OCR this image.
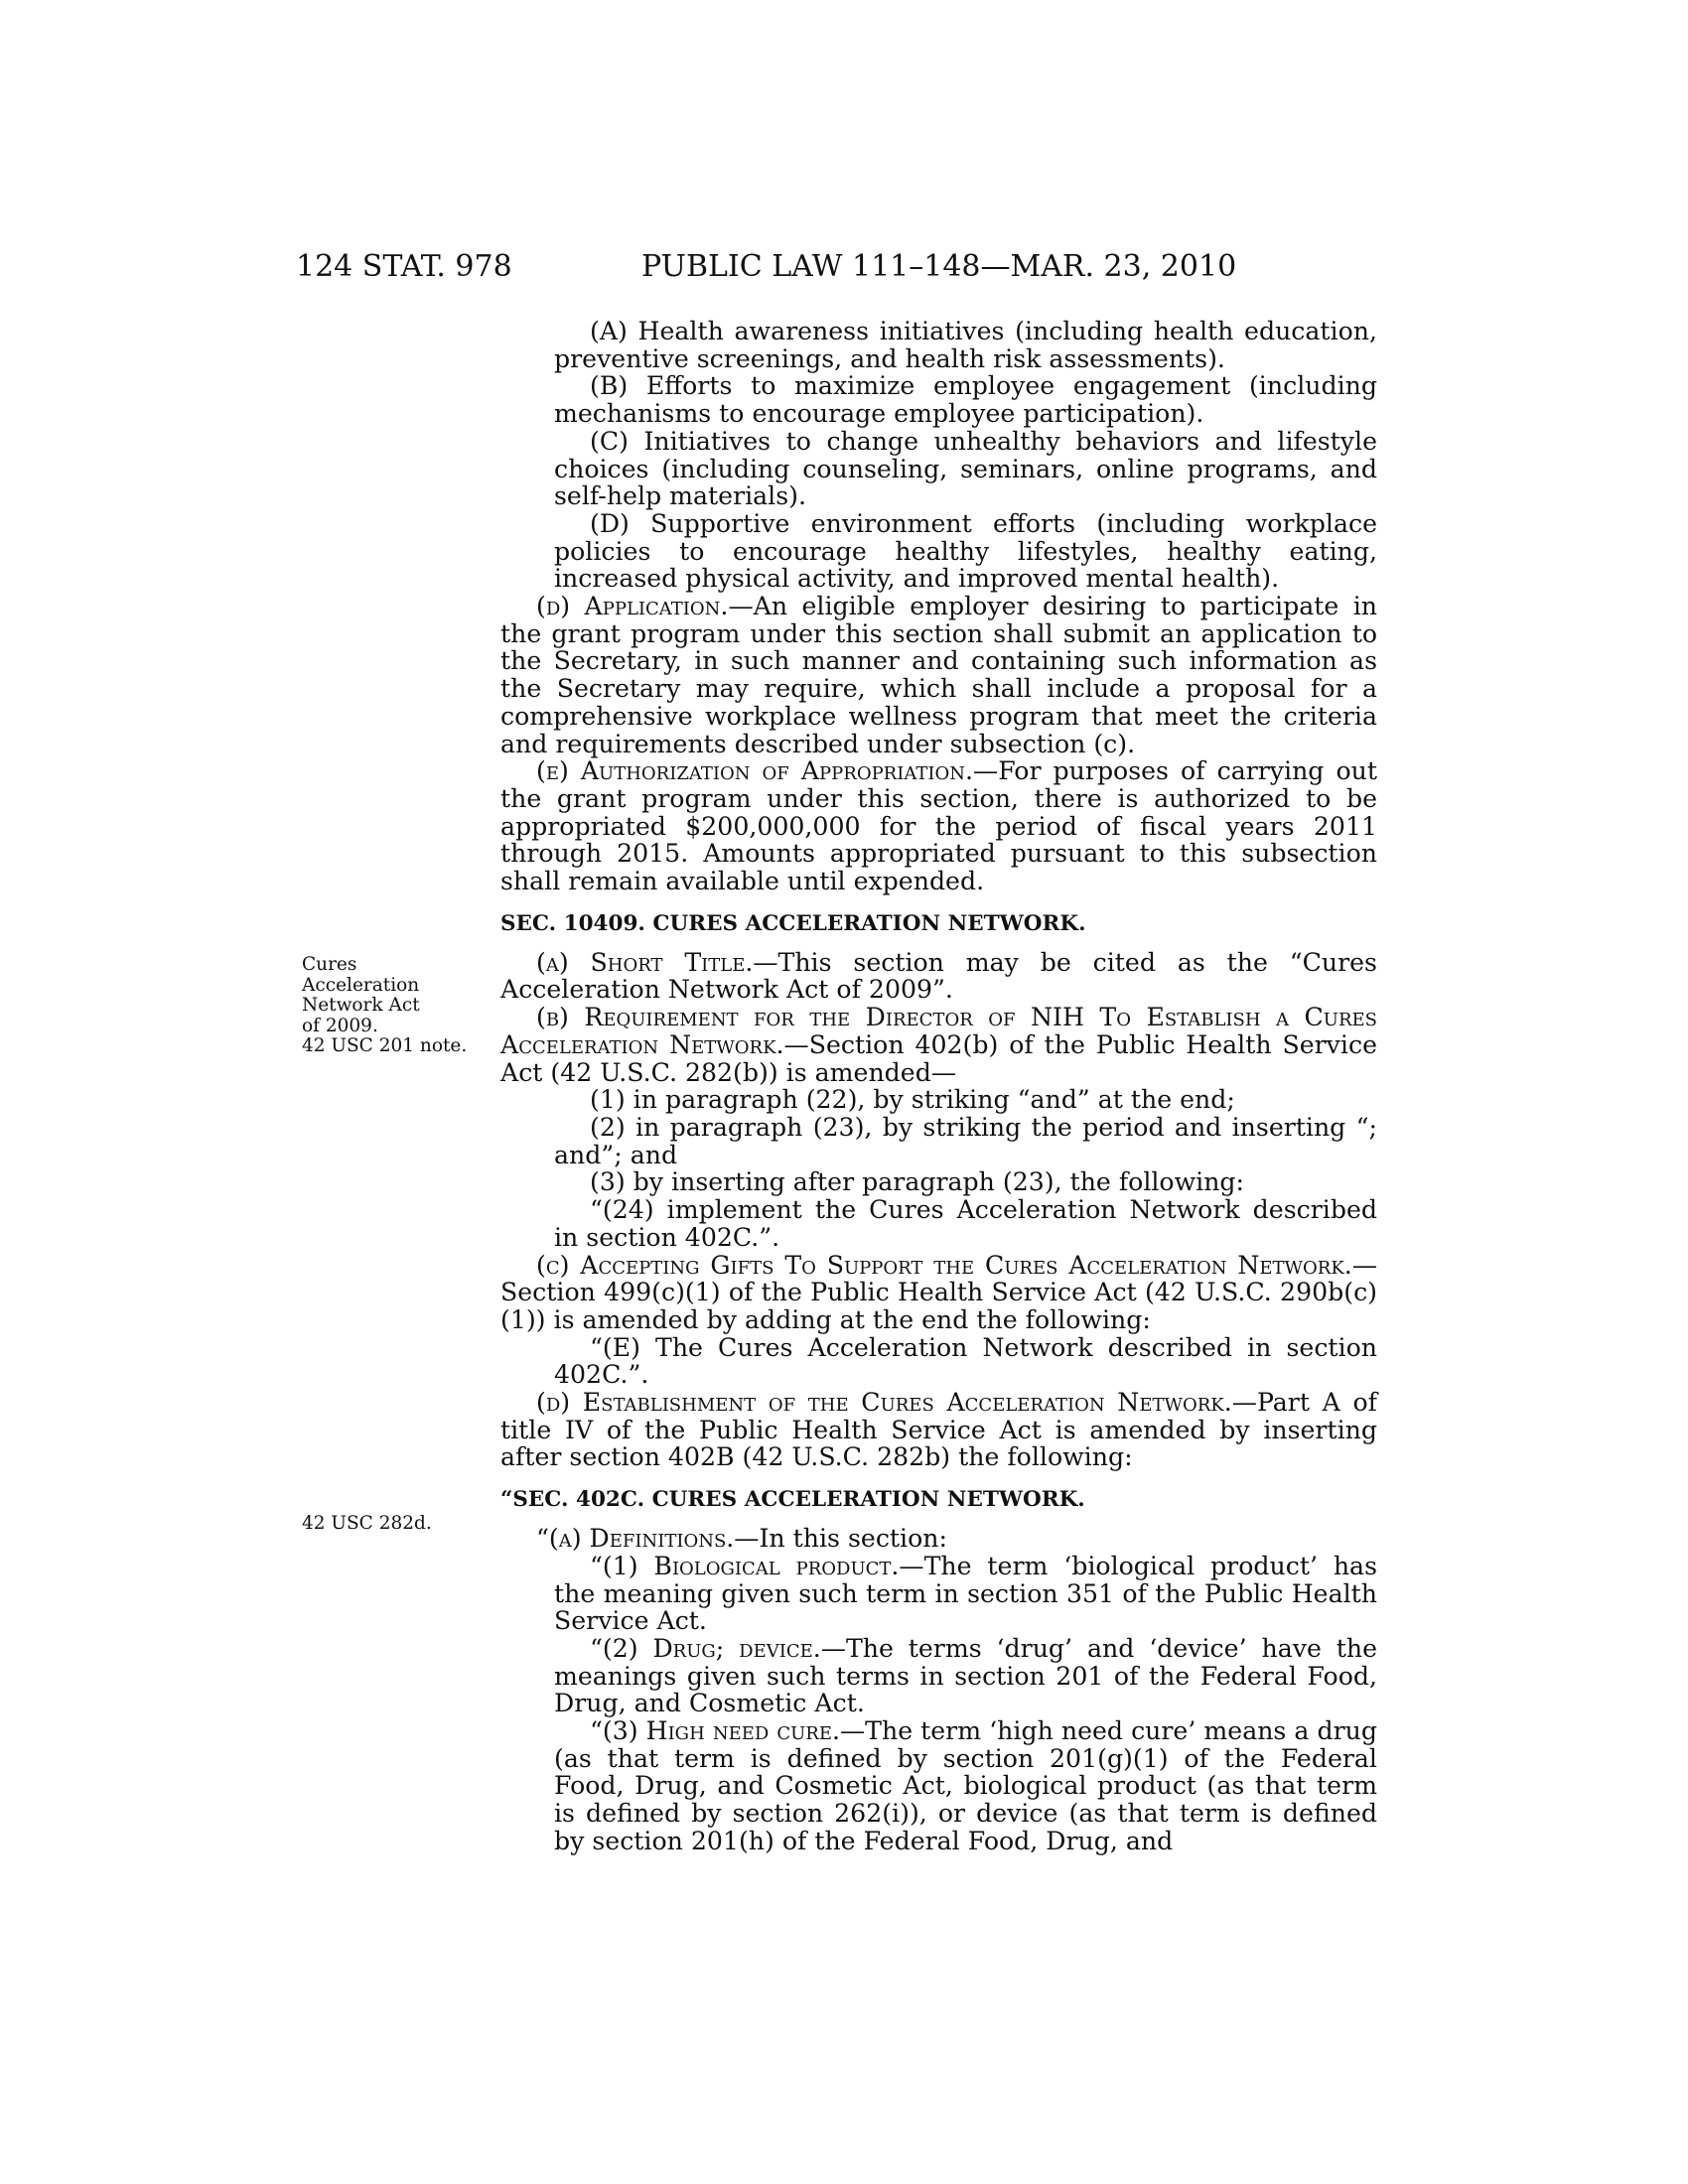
124 STAT. 978	PUBLIC LAW 111–148—MAR. 23, 2010
Cures
Acceleration
Network Act
of 2009.
42 USC 201 note.
42 USC 282d.

(A) Health awareness initiatives (including health education, preventive screenings, and health risk assessments).

(B) Efforts to maximize employee engagement (including mechanisms to encourage employee participation).

(C) Initiatives to change unhealthy behaviors and lifestyle choices (including counseling, seminars, online programs, and self-help materials).

(D) Supportive environment efforts (including workplace policies to encourage healthy lifestyles, healthy eating, increased physical activity, and improved mental health).

(d) Application.—An eligible employer desiring to participate in the grant program under this section shall submit an application to the Secretary, in such manner and containing such information as the Secretary may require, which shall include a proposal for a comprehensive workplace wellness program that meet the criteria and requirements described under subsection (c).

(e) Authorization of Appropriation.—For purposes of carrying out the grant program under this section, there is authorized to be appropriated $200,000,000 for the period of fiscal years 2011 through 2015. Amounts appropriated pursuant to this subsection shall remain available until expended.

SEC. 10409. CURES ACCELERATION NETWORK.

(a) Short Title.—This section may be cited as the “Cures Acceleration Network Act of 2009”.

(b) Requirement for the Director of NIH To Establish a Cures Acceleration Network.—Section 402(b) of the Public Health Service Act (42 U.S.C. 282(b)) is amended—

(1) in paragraph (22), by striking “and” at the end;

(2) in paragraph (23), by striking the period and inserting “; and”; and

(3) by inserting after paragraph (23), the following:

“(24) implement the Cures Acceleration Network described in section 402C.”.

(c) Accepting Gifts To Support the Cures Acceleration Network.—Section 499(c)(1) of the Public Health Service Act (42 U.S.C. 290b(c)(1)) is amended by adding at the end the following:

“(E) The Cures Acceleration Network described in section 402C.”.

(d) Establishment of the Cures Acceleration Network.—Part A of title IV of the Public Health Service Act is amended by inserting after section 402B (42 U.S.C. 282b) the following:

“SEC. 402C. CURES ACCELERATION NETWORK.

“(a) Definitions.—In this section:

“(1) Biological product.—The term ‘biological product’ has the meaning given such term in section 351 of the Public Health Service Act.

“(2) Drug; device.—The terms ‘drug’ and ‘device’ have the meanings given such terms in section 201 of the Federal Food, Drug, and Cosmetic Act.

“(3) High need cure.—The term ‘high need cure’ means a drug (as that term is defined by section 201(g)(1) of the Federal Food, Drug, and Cosmetic Act, biological product (as that term is defined by section 262(i)), or device (as that term is defined by section 201(h) of the Federal Food, Drug, and
